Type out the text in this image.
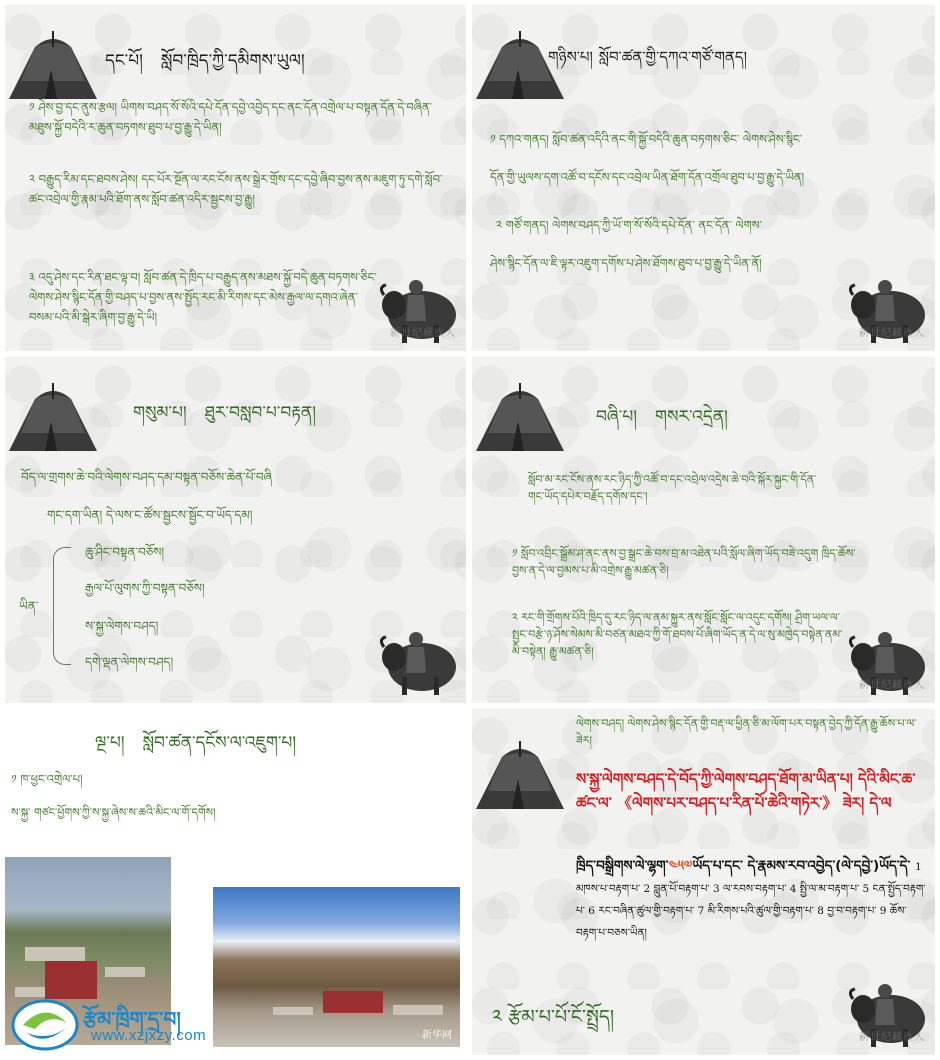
དང་པོ། སློབ་ཁྲིད་ཀྱི་དམིགས་ཡུལ།
༡ ཤེས་བྱ་དང་ནུས་རྩལ། ཡིགས་བཤད་སོ་སོའི་དཔེ་དོན་དབྱེ་འབྱེད་དང་ནང་དོན་འགྲེལ་པ་བསྟན་དོན་དེ་བཞིན་མཐུས་སྐྱོ་བདེའི་ར་ཆུན་བཏགས་ཐུབ་པ་བྱ་རྒྱུ་དེ་ཡིན།
༢ བརྒྱུད་རིམ་དང་ཐབས་ཤེས། དང་པོར་སྔོན་ལ་རང་ངོས་ནས་སྒྲེར་གྲོས་དང་དབྱེ་ཞིབ་བྱས་ནས་མཇུག་ཏུ་དགེ་སློབ་ཚང་འབྲེལ་གྱི་རྣམ་པའི་ཐོག་ནས་སློབ་ཚན་འདིར་སྦྱངས་བྱ་རྒྱུ།
༣ འདུ་ཤེས་དང་རིན་ཐང་ལྟ་བ། སློབ་ཚན་དེ་ཁྲིད་པ་བརྒྱུད་ནས་མཐས་སྐྱོ་བདེ་ཆུན་བཏགས་ཅིང་ ལེགས་ཤེས་སྙིང་དོན་གྱི་བཤད་པ་བྱས་ནས་སྤྱོད་རང་མི་རིགས་དང་མེས་རྒྱལ་ལ་དགའ་ཞེན་བསམ་པའི་མི་སྒེར་ཞིག་བྱ་རྒྱུ་དེ་ཡི།
新世纪藏族人
གཉིས་པ། སློབ་ཚན་གྱི་དཀའ་གཙོ་གནད།
༡ དཀའ་གནད། སློབ་ཚན་འདིའི་ནང་གི་སྐྱོ་བདེའི་ཆུན་བཏགས་ཅིང་ ལེགས་ཤེས་སྙིང་
དོན་གྱི་ཡུལས་དག་འཚོ་བ་དངོས་དང་འབྲེལ་ཡིན་ཐོག་དོན་འགྲོལ་ཐུབ་པ་བྱ་རྒྱུ་དེ་ཡིན།
༢ གཙོ་གནད། ལེགས་བཤད་ཀྱི་ཡོ་ག་སོ་སོའི་དཔེ་དོན་ ནང་དོན་ ལེགས་
ཤེས་སྙིང་དོན་ལ་ཇི་ལྟར་འཇུག་དགོས་པ་ཤེས་ཐོགས་ཐུབ་པ་བྱ་རྒྱུ་དེ་ཡིན་ནོ།
新世纪藏族人
གསུམ་པ། ཐུར་བསླབ་པ་བརྟན།
བོད་ལ་གྲགས་ཆེ་བའི་ལེགས་བཤད་དམ་བསྟན་བཅོས་ཆེན་པོ་བཞི
གང་དག་ཡིན། དེ་ལས་ང་ཚོས་སྦྱངས་སྦྱོང་བ་ཡོད་དམ།
ཡིན་
ཆུ་ཤིང་བསྟན་བཅོས།
རྒྱལ་པོ་ལུགས་ཀྱི་བསྟན་བཅོས།
ས་སྐྱ་ལེགས་བཤད།
དགེ་ལྡན་ལེགས་བཤད།
བཞི་པ། གསར་འདྲེན།
སློབ་མ་རང་ངོས་ནས་རང་ཉིད་ཀྱི་འཚོ་བ་དང་འབྲེལ་འདྲེས་ཆེ་བའི་སྐོར་སྐྱང་གི་དོན་གང་ཡོད་དཔེར་བརྗོད་དགོས་དང་།
༡ སློབ་འབྲིང་སྒྲོམ་ཤ་ནང་ནས་བྱ་སྒྲང་ཆེ་བས་བྲ་མ་འཐེན་པའི་སློལ་ཞིག་ཡོད་བཟེ་འདུག ཁྲིད་ཆོས་བྱས་ན་དེ་ལ་བྱམས་པ་མི་འགྲེས་རྒྱུ་མཚན་ཅི།
༢ རང་གི་གྲོགས་པོའི་ཁྲིད་དུ་རང་ཉིད་ལ་ནམ་སྐྱུར་ནས་སློང་སློང་ལ་འདུང་དགོས། ཤྲིག་ཡལ་ལ་སྤྱང་བརྩེ་ཉ་ཤོས་སེམས་མི་བཙན་མཐའ་ཀྱི་གོ་ཐབས་པོ་ཞིག་ཡོད་ན་དེ་ལ་སུ་མཁྱེད་བསྟེན་ནམ་མི་བསྟེན། རྒྱུ་མཚན་ཅི།
新世纪藏族人
ལྔ་པ། སློབ་ཚན་དངོས་ལ་འཇུག་པ།
༡ ཁ་ཕྱང་འགྲེལ་པ།
ས་སྐྱ་ གཙང་ཕྱོགས་ཀྱི་ས་སྐྱ་ཞེས་ས་ཆའི་མིང་ལ་གོ་དགོས།
新华网
རྩོམ་ཁྲིག་དྲ་བ།
www.xzjxzy.com
ལེགས་བཤད། ལེགས་ཤེས་སྙིང་དོན་གྱི་བརྡ་ལ་ཕྱིན་ཅི་མ་ལོག་པར་བསྟན་བྱེད་ཀྱི་དོན་རྒྱུ་ཆོས་པ་ལ་ཟེར།
ས་སྐྱ་ལེགས་བཤད་དེ་བོད་ཀྱི་ལེགས་བཤད་ཐོག་མ་ཡིན་པ། དེའི་མིང་ཆ་ཚང་ལ་ 《ལེགས་པར་བཤད་པ་རིན་པོ་ཆེའི་གཏེར་》 ཟེར། དེ་ལ
ཁྲིད་བསྒྲིགས་ལེ་ལྷག་༤༥༧ཡོད་པ་དང་ དེ་རྣམས་རབ་འབྱེད་(ལེ་དབྱེ་)ཡོད་དེ་ 1 མཁས་པ་བརྟག་པ་ 2 བླུན་པོ་བརྟག་པ་ 3 ལ་རབས་བརྟག་པ་ 4 སྤྱི་ལ་མ་བརྟག་པ་ 5 ངན་སྤྱོད་བརྟག་པ་ 6 རང་བཞིན་ཚུལ་གྱི་བརྟག་པ་ 7 མི་རིགས་པའི་ཚུལ་གྱི་བརྟག་པ་ 8 བྱ་བ་བརྟག་པ་ 9 ཆོས་བརྟག་པ་བཅས་ཡིན།
༢ རྩོམ་པ་པོ་ངོ་སྤྲོད།
新世纪藏族人
